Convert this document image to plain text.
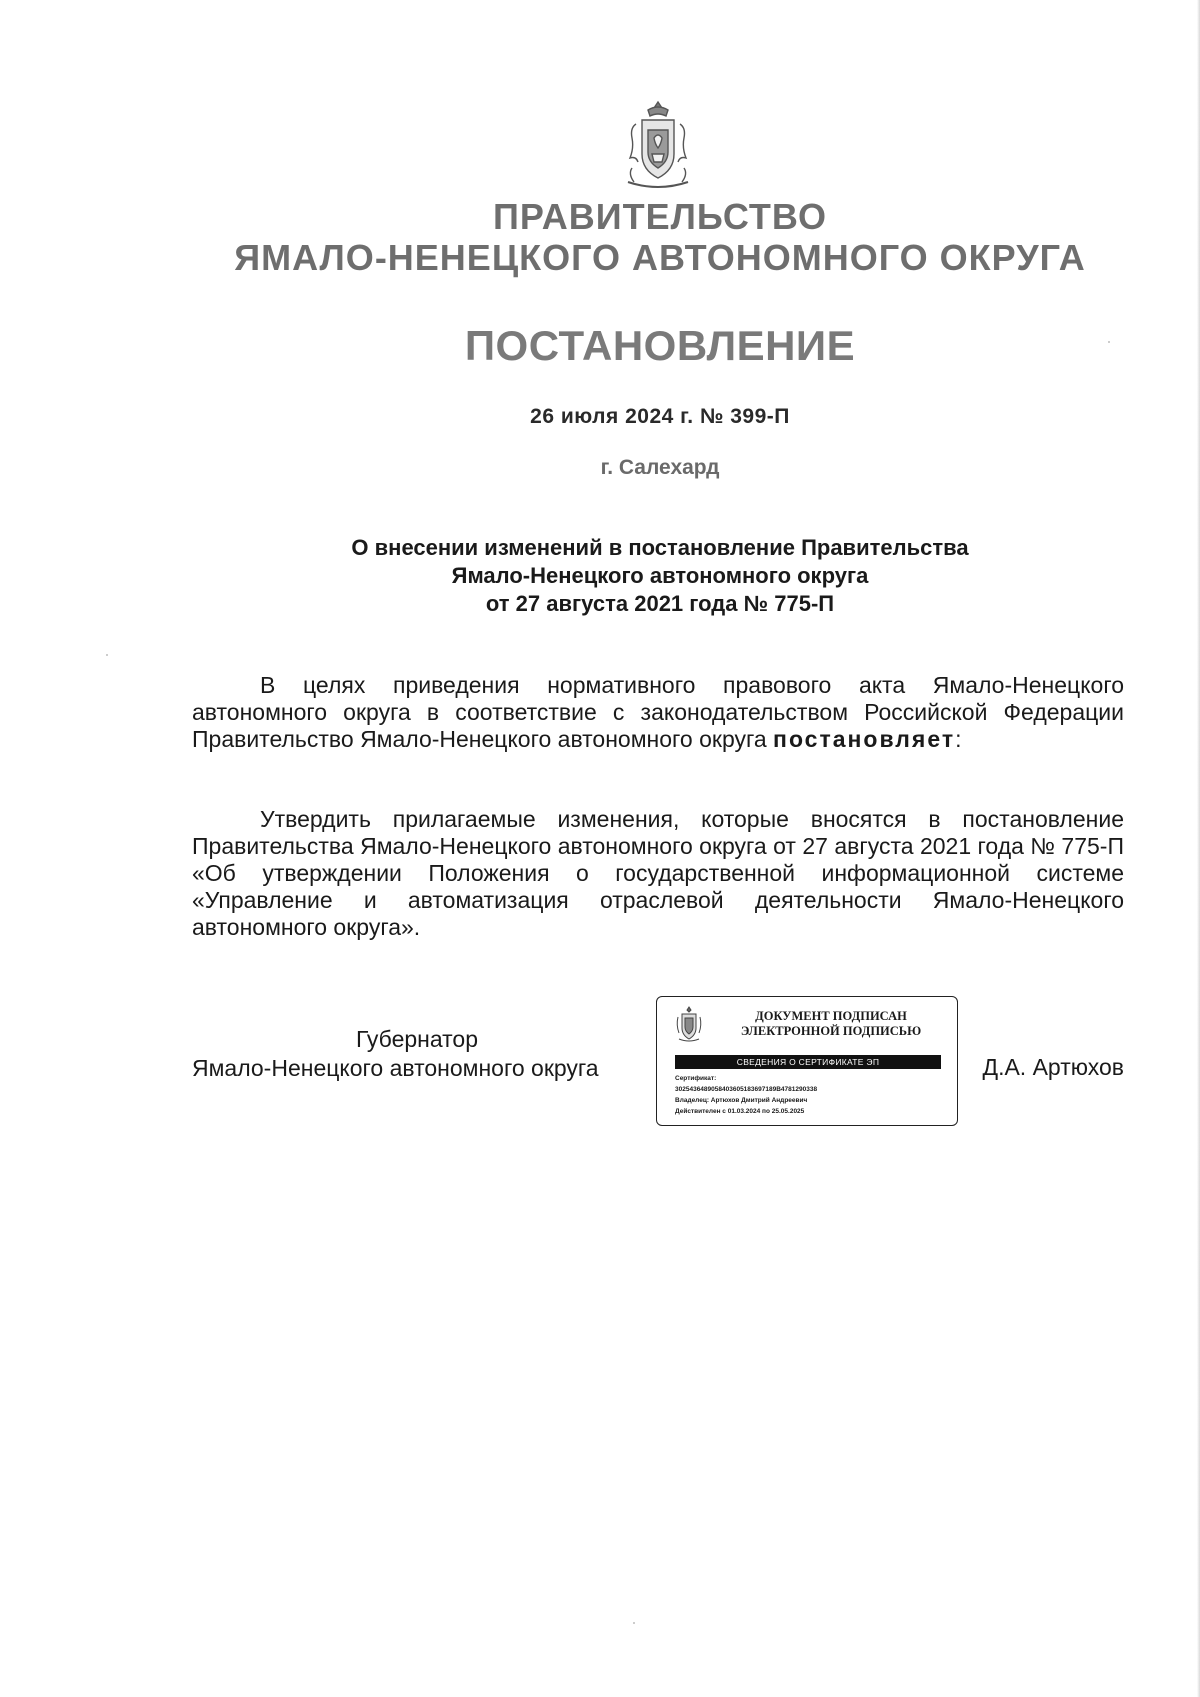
ПРАВИТЕЛЬСТВО
ЯМАЛО-НЕНЕЦКОГО АВТОНОМНОГО ОКРУГА
ПОСТАНОВЛЕНИЕ
26 июля 2024 г. № 399-П
г. Салехард
О внесении изменений в постановление Правительства
Ямало-Ненецкого автономного округа
от 27 августа 2021 года № 775-П
В целях приведения нормативного правового акта Ямало-Ненецкого автономного округа в соответствие с законодательством Российской Федерации Правительство Ямало-Ненецкого автономного округа постановляет:
Утвердить прилагаемые изменения, которые вносятся в постановление Правительства Ямало-Ненецкого автономного округа от 27 августа 2021 года № 775-П «Об утверждении Положения о государственной информационной системе «Управление и автоматизация отраслевой деятельности Ямало-Ненецкого автономного округа».
Губернатор
Ямало-Ненецкого автономного округа
ДОКУМЕНТ ПОДПИСАН
ЭЛЕКТРОННОЙ ПОДПИСЬЮ
СВЕДЕНИЯ О СЕРТИФИКАТЕ ЭП
Сертификат:
3025436489058403605183697189B4781290338
Владелец: Артюхов Дмитрий Андреевич
Действителен с 01.03.2024 по 25.05.2025
Д.А. Артюхов
